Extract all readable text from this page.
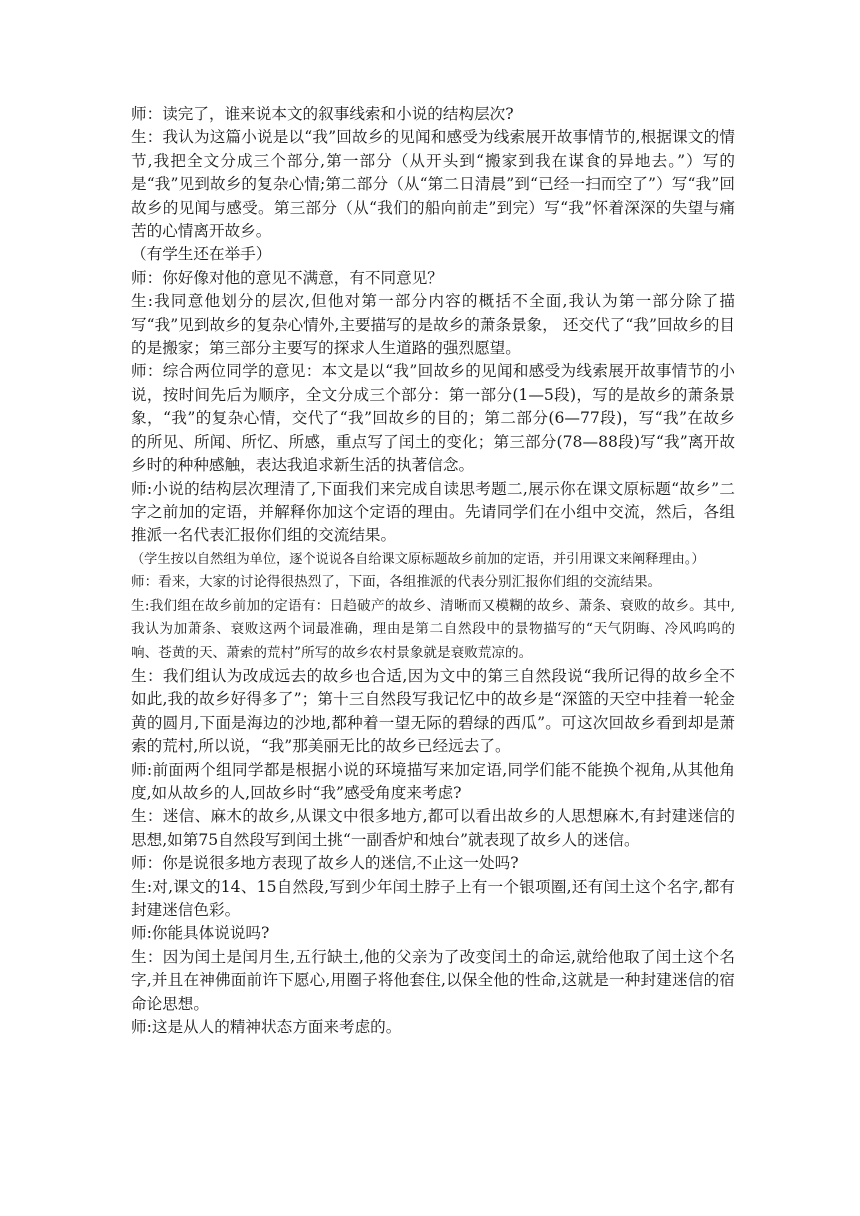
师：读完了，谁来说本文的叙事线索和小说的结构层次?

生：我认为这篇小说是以“我”回故乡的见闻和感受为线索展开故事情节的,根据课文的情节,我把全文分成三个部分,第一部分（从开头到“搬家到我在谋食的异地去。”）写的是“我”见到故乡的复杂心情;第二部分（从“第二日清晨”到“已经一扫而空了”）写“我”回故乡的见闻与感受。第三部分（从“我们的船向前走”到完）写“我”怀着深深的失望与痛苦的心情离开故乡。

（有学生还在举手）

师：你好像对他的意见不满意，有不同意见？

生:我同意他划分的层次,但他对第一部分内容的概括不全面,我认为第一部分除了描写“我”见到故乡的复杂心情外,主要描写的是故乡的萧条景象， 还交代了“我”回故乡的目的是搬家；第三部分主要写的探求人生道路的强烈愿望。

师：综合两位同学的意见：本文是以“我”回故乡的见闻和感受为线索展开故事情节的小说，按时间先后为顺序，全文分成三个部分：第一部分(1—5段)，写的是故乡的萧条景象，“我”的复杂心情，交代了“我”回故乡的目的；第二部分(6—77段)，写“我”在故乡的所见、所闻、所忆、所感，重点写了闰土的变化；第三部分(78—88段)写“我”离开故乡时的种种感触，表达我追求新生活的执著信念。

师:小说的结构层次理清了,下面我们来完成自读思考题二,展示你在课文原标题“故乡”二字之前加的定语，并解释你加这个定语的理由。先请同学们在小组中交流，然后，各组推派一名代表汇报你们组的交流结果。

（学生按以自然组为单位，逐个说说各自给课文原标题故乡前加的定语，并引用课文来阐释理由。）

师：看来，大家的讨论得很热烈了，下面，各组推派的代表分别汇报你们组的交流结果。

生:我们组在故乡前加的定语有：日趋破产的故乡、清晰而又模糊的故乡、萧条、衰败的故乡。其中,我认为加萧条、衰败这两个词最准确，理由是第二自然段中的景物描写的“天气阴晦、冷风呜呜的响、苍黄的天、萧索的荒村”所写的故乡农村景象就是衰败荒凉的。

生：我们组认为改成远去的故乡也合适,因为文中的第三自然段说“我所记得的故乡全不如此,我的故乡好得多了”；第十三自然段写我记忆中的故乡是“深篮的天空中挂着一轮金黄的圆月,下面是海边的沙地,都种着一望无际的碧绿的西瓜”。可这次回故乡看到却是萧索的荒村,所以说，“我”那美丽无比的故乡已经远去了。

师:前面两个组同学都是根据小说的环境描写来加定语,同学们能不能换个视角,从其他角度,如从故乡的人,回故乡时“我”感受角度来考虑?

生：迷信、麻木的故乡,从课文中很多地方,都可以看出故乡的人思想麻木,有封建迷信的思想,如第75自然段写到闰土挑“一副香炉和烛台”就表现了故乡人的迷信。

师：你是说很多地方表现了故乡人的迷信,不止这一处吗?

生:对,课文的14、15自然段,写到少年闰土脖子上有一个银项圈,还有闰土这个名字,都有封建迷信色彩。

师:你能具体说说吗?

生：因为闰土是闰月生,五行缺土,他的父亲为了改变闰土的命运,就给他取了闰土这个名字,并且在神佛面前许下愿心,用圈子将他套住,以保全他的性命,这就是一种封建迷信的宿命论思想。

师:这是从人的精神状态方面来考虑的。
